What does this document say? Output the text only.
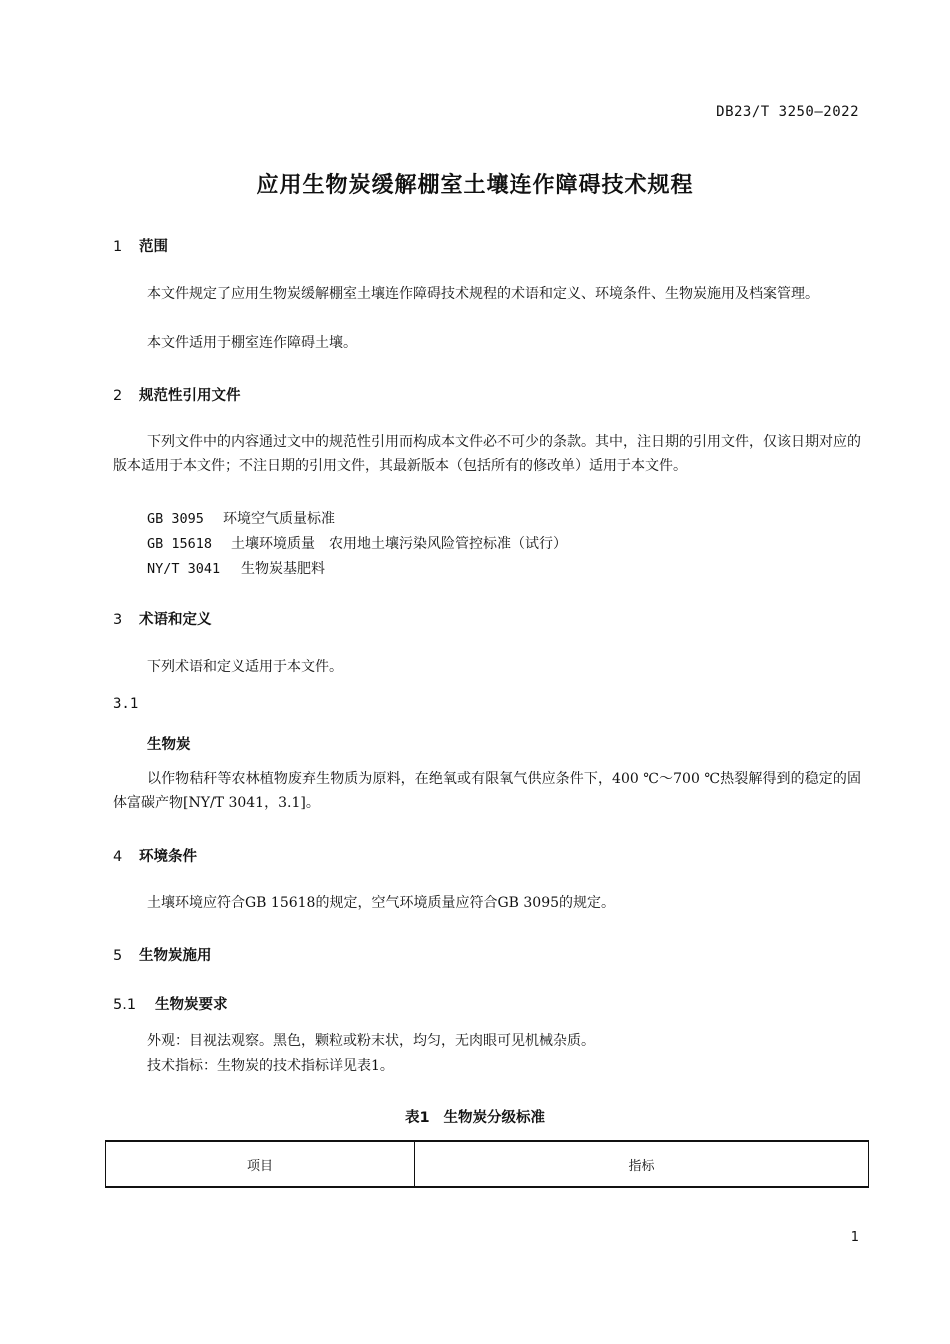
DB23/T 3250—2022
应用生物炭缓解棚室土壤连作障碍技术规程
1 范围

本文件规定了应用生物炭缓解棚室土壤连作障碍技术规程的术语和定义、环境条件、生物炭施用及档案管理。

本文件适用于棚室连作障碍土壤。

2 规范性引用文件

下列文件中的内容通过文中的规范性引用而构成本文件必不可少的条款。其中，注日期的引用文件，仅该日期对应的版本适用于本文件；不注日期的引用文件，其最新版本（包括所有的修改单）适用于本文件。

GB 3095 环境空气质量标准
GB 15618 土壤环境质量　农用地土壤污染风险管控标准（试行）
NY/T 3041 生物炭基肥料
3 术语和定义

下列术语和定义适用于本文件。

3.1
生物炭

以作物秸秆等农林植物废弃生物质为原料，在绝氧或有限氧气供应条件下，400 ℃～700 ℃热裂解得到的稳定的固体富碳产物[NY/T 3041，3.1]。

4 环境条件

土壤环境应符合GB 15618的规定，空气环境质量应符合GB 3095的规定。

5 生物炭施用
5.1 生物炭要求
外观：目视法观察。黑色，颗粒或粉末状，均匀，无肉眼可见机械杂质。
技术指标：生物炭的技术指标详见表1。
表1 生物炭分级标准
项目	指标
1
